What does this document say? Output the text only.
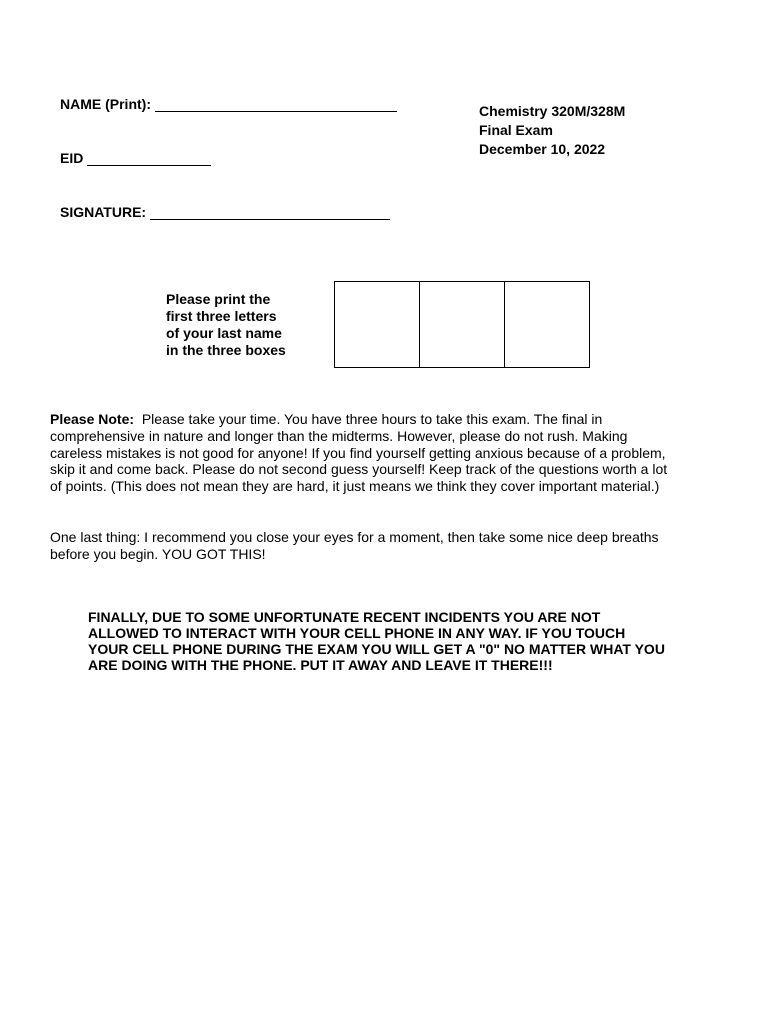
NAME (Print):
EID
SIGNATURE:
Chemistry 320M/328M
Final Exam
December 10, 2022
Please print the
first three letters
of your last name
in the three boxes
Please Note: Please take your time. You have three hours to take this exam. The final in comprehensive in nature and longer than the midterms. However, please do not rush. Making careless mistakes is not good for anyone! If you find yourself getting anxious because of a problem, skip it and come back. Please do not second guess yourself! Keep track of the questions worth a lot of points. (This does not mean they are hard, it just means we think they cover important material.)
One last thing: I recommend you close your eyes for a moment, then take some nice deep breaths before you begin. YOU GOT THIS!
FINALLY, DUE TO SOME UNFORTUNATE RECENT INCIDENTS YOU ARE NOT ALLOWED TO INTERACT WITH YOUR CELL PHONE IN ANY WAY. IF YOU TOUCH YOUR CELL PHONE DURING THE EXAM YOU WILL GET A "0" NO MATTER WHAT YOU ARE DOING WITH THE PHONE. PUT IT AWAY AND LEAVE IT THERE!!!
